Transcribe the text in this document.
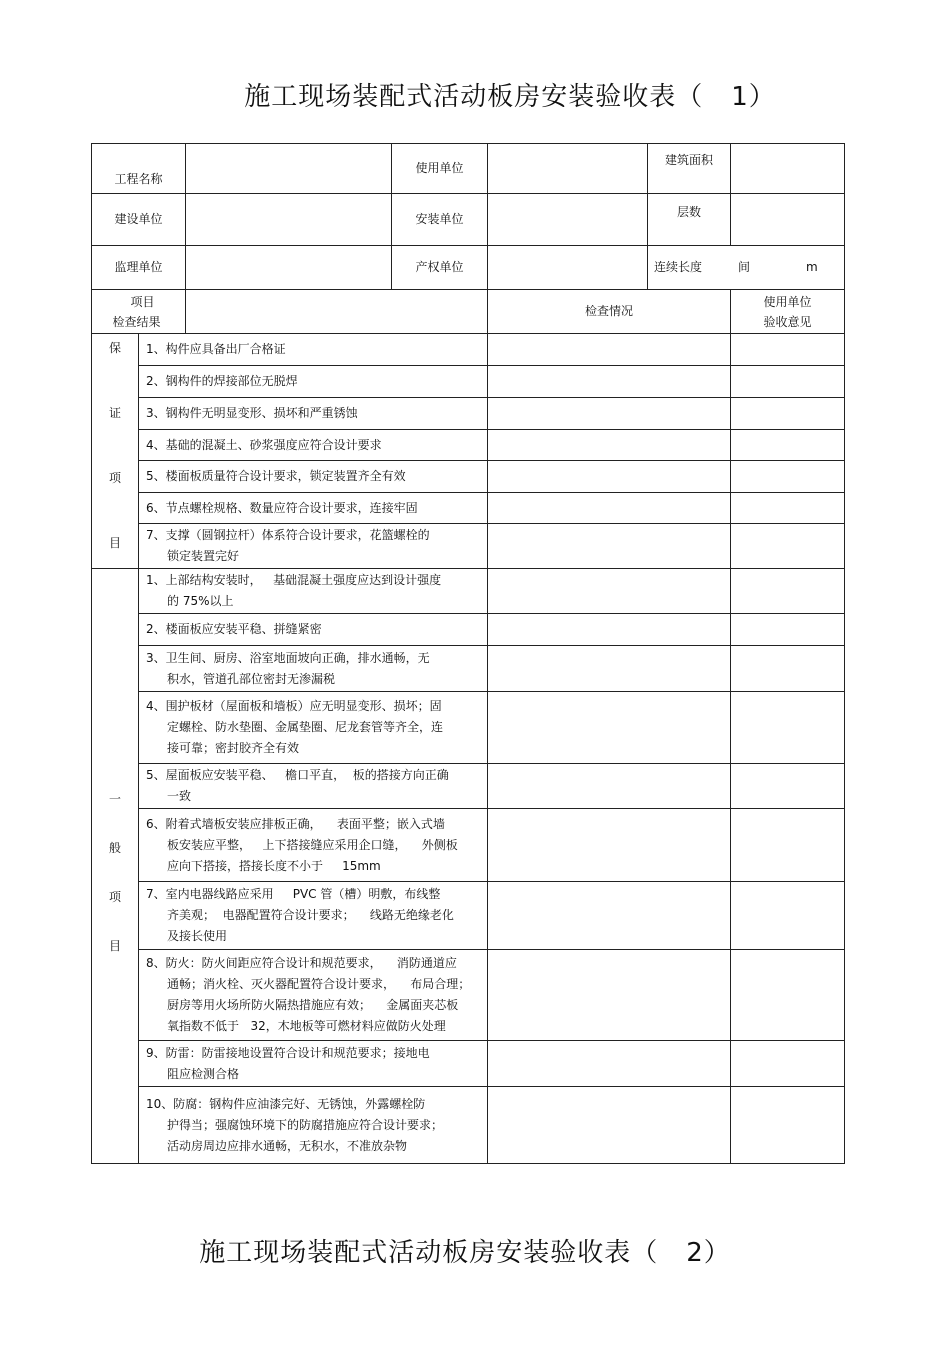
施工现场装配式活动板房安装验收表（ 1）
工程名称			使用单位		建筑面积	
建设单位			安装单位		层数	
监理单位			产权单位		连续长度 间 m	

项目
检查结果				检查情况		使用单位
验收意见

保
证
项
目	1、构件应具备出厂合格证					

	2、钢构件的焊接部位无脱焊					

	3、钢构件无明显变形、损坏和严重锈蚀					

	4、基础的混凝土、砂浆强度应符合设计要求					

	5、楼面板质量符合设计要求，锁定装置齐全有效					

	6、节点螺栓规格、数量应符合设计要求，连接牢固					

	7、支撑（圆钢拉杆）体系符合设计要求，花篮螺栓的
锁定装置完好					

一
般
项
目	1、上部结构安装时，   基础混凝土强度应达到设计强度
的 75%以上					

	2、楼面板应安装平稳、拼缝紧密					

	3、卫生间、厨房、浴室地面坡向正确，排水通畅，无
积水，管道孔部位密封无渗漏税					

	4、围护板材（屋面板和墙板）应无明显变形、损坏；固
定螺栓、防水垫圈、金属垫圈、尼龙套管等齐全，连
接可靠；密封胶齐全有效					

	5、屋面板应安装平稳、   檐口平直，  板的搭接方向正确
一致					

	6、附着式墙板安装应排板正确，    表面平整；嵌入式墙
板安装应平整，   上下搭接缝应采用企口缝，    外侧板
应向下搭接，搭接长度不小于     15mm					

	7、室内电器线路应采用     PVC 管（槽）明敷，布线整
齐美观；  电器配置符合设计要求；    线路无绝缘老化
及接长使用					

	8、防火：防火间距应符合设计和规范要求，    消防通道应
通畅；消火栓、灭火器配置符合设计要求，    布局合理；
厨房等用火场所防火隔热措施应有效；    金属面夹芯板
氧指数不低于   32，木地板等可燃材料应做防火处理					

	9、防雷：防雷接地设置符合设计和规范要求；接地电
阻应检测合格					

	10、防腐：钢构件应油漆完好、无锈蚀，外露螺栓防
护得当；强腐蚀环境下的防腐措施应符合设计要求；
活动房周边应排水通畅，无积水，不准放杂物					

施工现场装配式活动板房安装验收表（ 2）
